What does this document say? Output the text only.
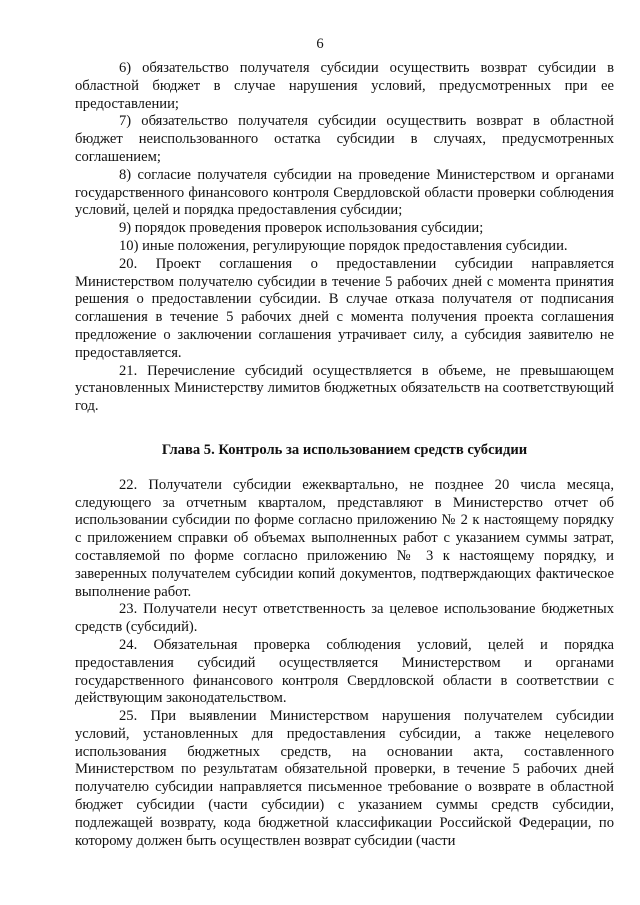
6

6) обязательство получателя субсидии осуществить возврат субсидии в областной бюджет в случае нарушения условий, предусмотренных при ее предоставлении;

7) обязательство получателя субсидии осуществить возврат в областной бюджет неиспользованного остатка субсидии в случаях, предусмотренных соглашением;

8) согласие получателя субсидии на проведение Министерством и органами государственного финансового контроля Свердловской области проверки соблюдения условий, целей и порядка предоставления субсидии;

9) порядок проведения проверок использования субсидии;

10) иные положения, регулирующие порядок предоставления субсидии.

20. Проект соглашения о предоставлении субсидии направляется Министерством получателю субсидии в течение 5 рабочих дней с момента принятия решения о предоставлении субсидии. В случае отказа получателя от подписания соглашения в течение 5 рабочих дней с момента получения проекта соглашения предложение о заключении соглашения утрачивает силу, а субсидия заявителю не предоставляется.

21. Перечисление субсидий осуществляется в объеме, не превышающем установленных Министерству лимитов бюджетных обязательств на соответствующий год.

Глава 5. Контроль за использованием средств субсидии

22. Получатели субсидии ежеквартально, не позднее 20 числа месяца, следующего за отчетным кварталом, представляют в Министерство отчет об использовании субсидии по форме согласно приложению № 2 к настоящему порядку с приложением справки об объемах выполненных работ с указанием суммы затрат, составляемой по форме согласно приложению № 3 к настоящему порядку, и заверенных получателем субсидии копий документов, подтверждающих фактическое выполнение работ.

23. Получатели несут ответственность за целевое использование бюджетных средств (субсидий).

24. Обязательная проверка соблюдения условий, целей и порядка предоставления субсидий осуществляется Министерством и органами государственного финансового контроля Свердловской области в соответствии с действующим законодательством.

25. При выявлении Министерством нарушения получателем субсидии условий, установленных для предоставления субсидии, а также нецелевого использования бюджетных средств, на основании акта, составленного Министерством по результатам обязательной проверки, в течение 5 рабочих дней получателю субсидии направляется письменное требование о возврате в областной бюджет субсидии (части субсидии) с указанием суммы средств субсидии, подлежащей возврату, кода бюджетной классификации Российской Федерации, по которому должен быть осуществлен возврат субсидии (части
